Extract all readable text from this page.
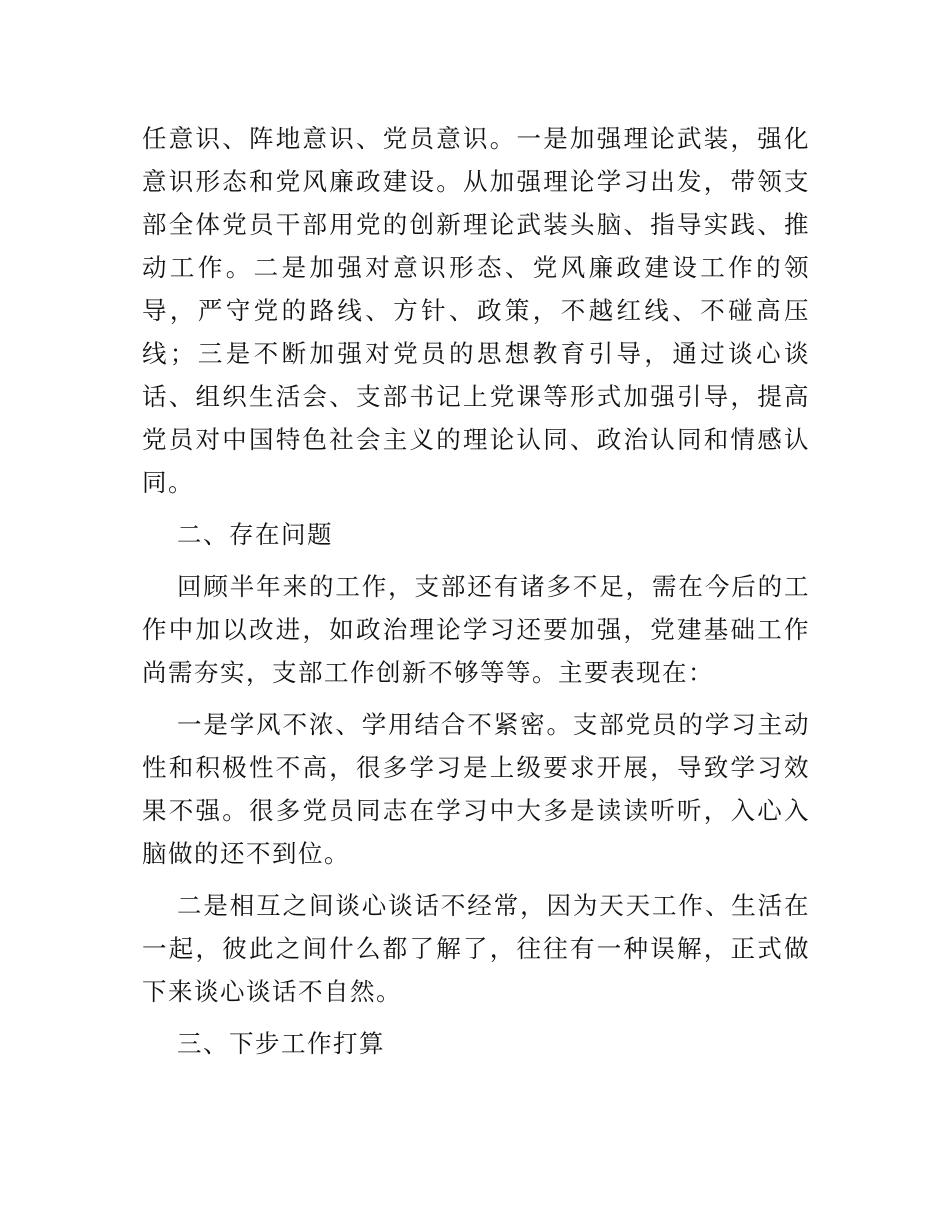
任意识、阵地意识、党员意识。一是加强理论武装，强化意识形态和党风廉政建设。从加强理论学习出发，带领支部全体党员干部用党的创新理论武装头脑、指导实践、推动工作。二是加强对意识形态、党风廉政建设工作的领导，严守党的路线、方针、政策，不越红线、不碰高压线；三是不断加强对党员的思想教育引导，通过谈心谈话、组织生活会、支部书记上党课等形式加强引导，提高党员对中国特色社会主义的理论认同、政治认同和情感认同。

二、存在问题

回顾半年来的工作，支部还有诸多不足，需在今后的工作中加以改进，如政治理论学习还要加强，党建基础工作尚需夯实，支部工作创新不够等等。主要表现在：

一是学风不浓、学用结合不紧密。支部党员的学习主动性和积极性不高，很多学习是上级要求开展，导致学习效果不强。很多党员同志在学习中大多是读读听听，入心入脑做的还不到位。

二是相互之间谈心谈话不经常，因为天天工作、生活在一起，彼此之间什么都了解了，往往有一种误解，正式做下来谈心谈话不自然。

三、下步工作打算
